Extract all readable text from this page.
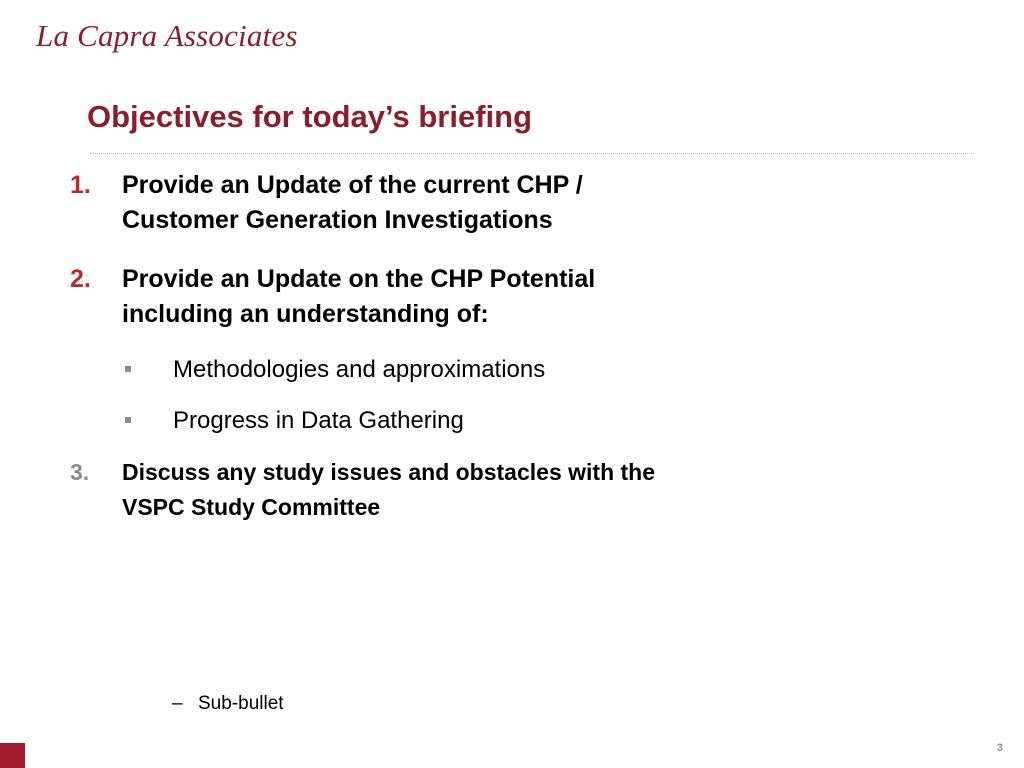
La Capra Associates
Objectives for today’s briefing
1. Provide an Update of the current CHP /
Customer Generation Investigations
2. Provide an Update on the CHP Potential
including an understanding of:
Methodologies and approximations
Progress in Data Gathering
3. Discuss any study issues and obstacles with the
VSPC Study Committee
– Sub-bullet
3
